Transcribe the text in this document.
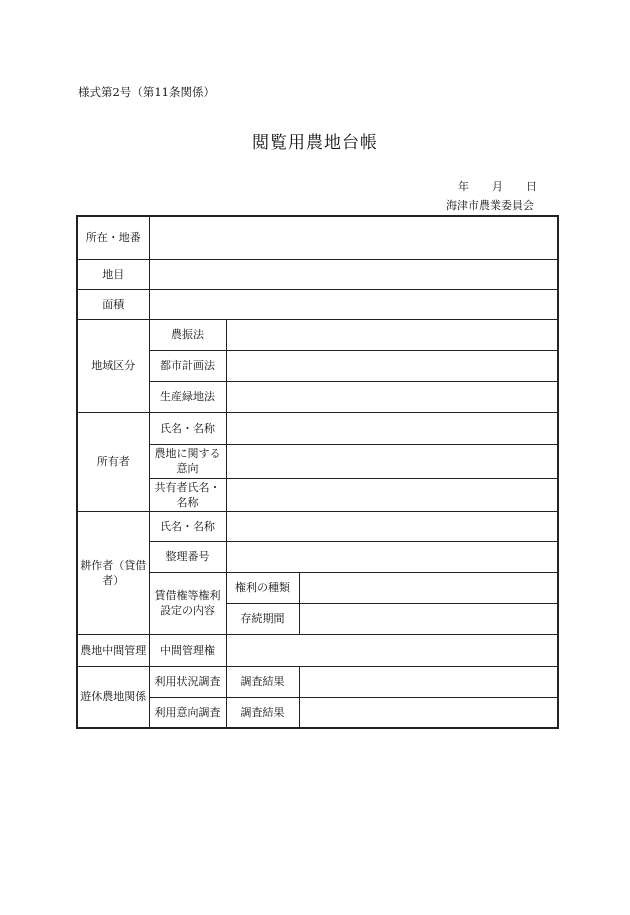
様式第2号（第11条関係）
閲覧用農地台帳
年 月 日
海津市農業委員会
所在・地番			
地目			
面積			
地域区分	農振法		
	都市計画法		
	生産緑地法		
所有者	氏名・名称		
	農地に関する意向		
	共有者氏名・名称		
耕作者（貸借者）	氏名・名称		
	整理番号		
	賃借権等権利設定の内容	権利の種類	
		存続期間	
農地中間管理	中間管理権		
遊休農地関係	利用状況調査	調査結果	
	利用意向調査	調査結果	
